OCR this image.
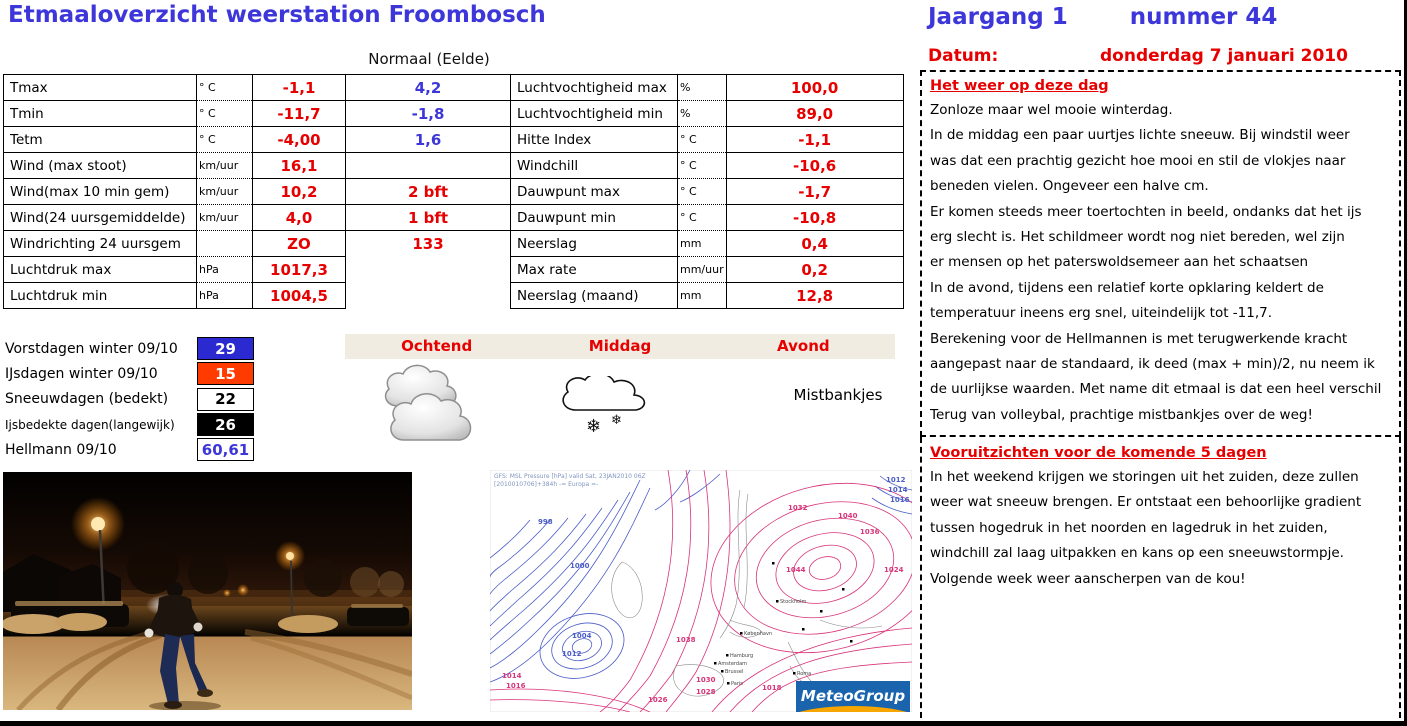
Etmaaloverzicht weerstation Froombosch	Jaargang 1	nummer 44
Datum:	donderdag 7 januari 2010
Normaal (Eelde)
Tmax	° C	-1,1	4,2	Luchtvochtigheid max	%	100,0
Tmin	° C	-11,7	-1,8	Luchtvochtigheid min	%	89,0
Tetm	° C	-4,00	1,6	Hitte Index	° C	-1,1
Wind (max stoot)	km/uur	16,1		Windchill	° C	-10,6
Wind(max 10 min gem)	km/uur	10,2	2 bft	Dauwpunt max	° C	-1,7
Wind(24 uursgemiddelde)	km/uur	4,0	1 bft	Dauwpunt min	° C	-10,8
Windrichting 24 uursgem		ZO	133	Neerslag	mm	0,4
Luchtdruk max	hPa	1017,3		Max rate	mm/uur	0,2
Luchtdruk min	hPa	1004,5		Neerslag (maand)	mm	12,8
Vorstdagen winter 09/10	29
IJsdagen winter 09/10	15
Sneeuwdagen (bedekt)	22
Ijsbedekte dagen(langewijk)	26
Hellmann 09/10	60,61
Ochtend	Middag	Avond
❄ ❄
Mistbankjes
GFS: MSL Pressure [hPa] valid Sat, 23JAN2010 06Z
[2010010706]+384h -= Europa =-
Stockholm
København
Hamburg
Amsterdam
Brussel
Paris
Roma
998
1000
1004
1012
1014
1016	1018
1024
1026
1028
1030
1032
1036
1038
1040
1044
1012
1014
1016
MeteoGroup
Het weer op deze dag
Zonloze maar wel mooie winterdag.
In de middag een paar uurtjes lichte sneeuw. Bij windstil weer
was dat een prachtig gezicht hoe mooi en stil de vlokjes naar
beneden vielen. Ongeveer een halve cm.
Er komen steeds meer toertochten in beeld, ondanks dat het ijs
erg slecht is. Het schildmeer wordt nog niet bereden, wel zijn
er mensen op het paterswoldsemeer aan het schaatsen
In de avond, tijdens een relatief korte opklaring keldert de
temperatuur ineens erg snel, uiteindelijk tot -11,7.
Berekening voor de Hellmannen is met terugwerkende kracht
aangepast naar de standaard, ik deed (max + min)/2, nu neem ik
de uurlijkse waarden. Met name dit etmaal is dat een heel verschil
Terug van volleybal, prachtige mistbankjes over de weg!
Vooruitzichten voor de komende 5 dagen
In het weekend krijgen we storingen uit het zuiden, deze zullen
weer wat sneeuw brengen. Er ontstaat een behoorlijke gradient
tussen hogedruk in het noorden en lagedruk in het zuiden,
windchill zal laag uitpakken en kans op een sneeuwstormpje.
Volgende week weer aanscherpen van de kou!
